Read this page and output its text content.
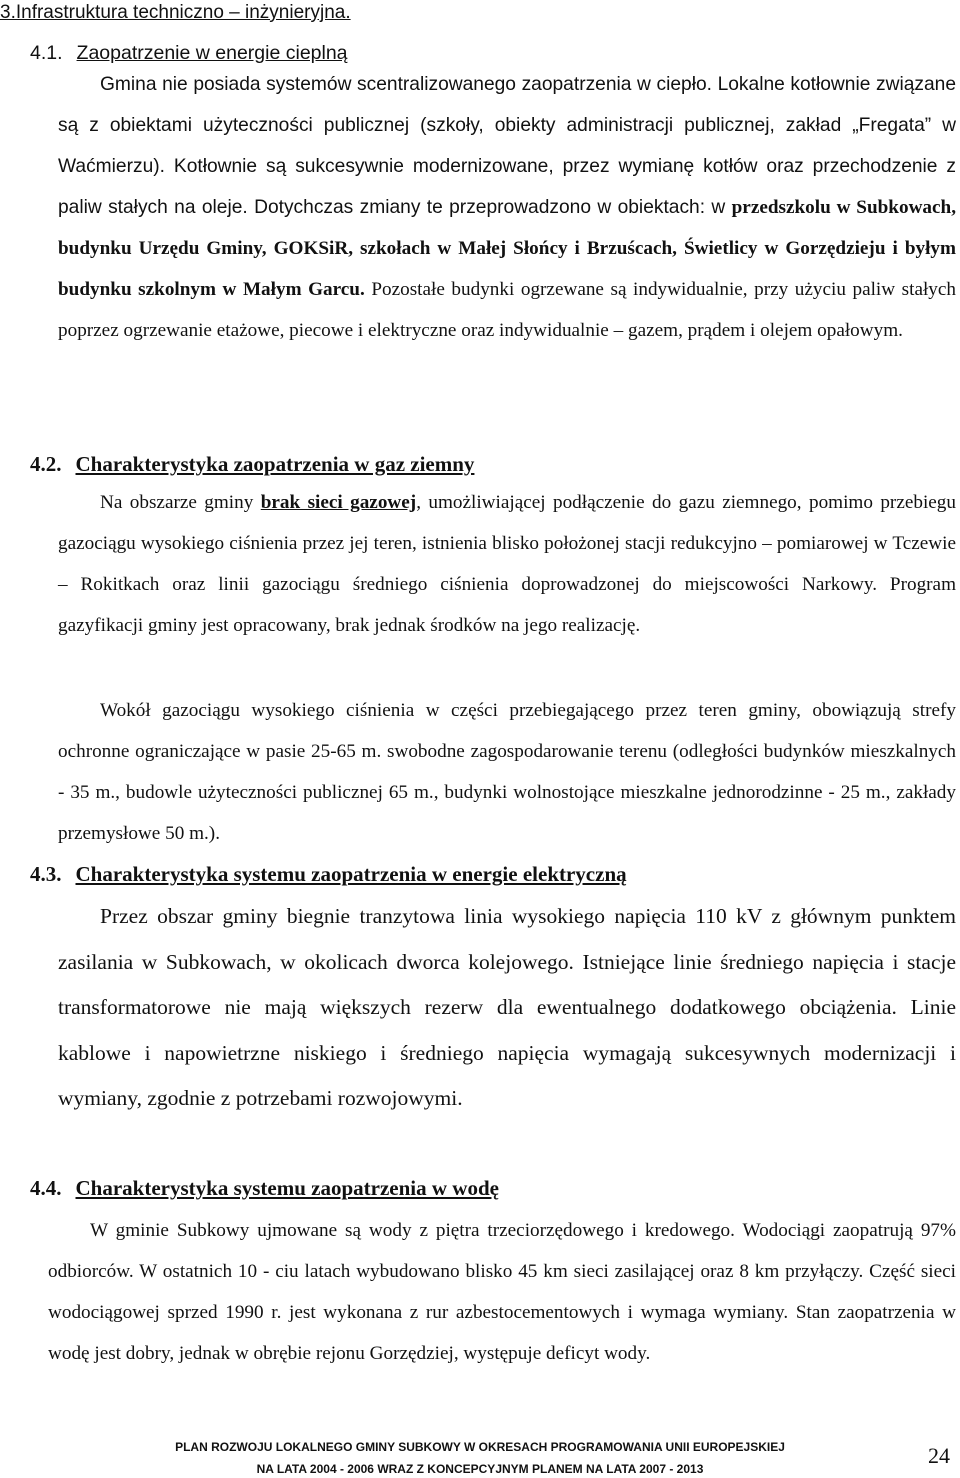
3.Infrastruktura techniczno – inżynieryjna.
4.1. Zaopatrzenie w energie cieplną

Gmina nie posiada systemów scentralizowanego zaopatrzenia w ciepło. Lokalne kotłownie związane są z obiektami użyteczności publicznej (szkoły, obiekty administracji publicznej, zakład „Fregata” w Waćmierzu). Kotłownie są sukcesywnie modernizowane, przez wymianę kotłów oraz przechodzenie z paliw stałych na oleje. Dotychczas zmiany te przeprowadzono w obiektach: w przedszkolu w Subkowach, budynku Urzędu Gminy, GOKSiR, szkołach w Małej Słońcy i Brzuścach, Świetlicy w Gorzędzieju i byłym budynku szkolnym w Małym Garcu. Pozostałe budynki ogrzewane są indywidualnie, przy użyciu paliw stałych poprzez ogrzewanie etażowe, piecowe i elektryczne oraz indywidualnie – gazem, prądem i olejem opałowym.

4.2. Charakterystyka zaopatrzenia w gaz ziemny

Na obszarze gminy brak sieci gazowej, umożliwiającej podłączenie do gazu ziemnego, pomimo przebiegu gazociągu wysokiego ciśnienia przez jej teren, istnienia blisko położonej stacji redukcyjno – pomiarowej w Tczewie – Rokitkach oraz linii gazociągu średniego ciśnienia doprowadzonej do miejscowości Narkowy. Program gazyfikacji gminy jest opracowany, brak jednak środków na jego realizację.

Wokół gazociągu wysokiego ciśnienia w części przebiegającego przez teren gminy, obowiązują strefy ochronne ograniczające w pasie 25-65 m. swobodne zagospodarowanie terenu (odległości budynków mieszkalnych - 35 m., budowle użyteczności publicznej 65 m., budynki wolnostojące mieszkalne jednorodzinne - 25 m., zakłady przemysłowe 50 m.).

4.3. Charakterystyka systemu zaopatrzenia w energie elektryczną

Przez obszar gminy biegnie tranzytowa linia wysokiego napięcia 110 kV z głównym punktem zasilania w Subkowach, w okolicach dworca kolejowego. Istniejące linie średniego napięcia i stacje transformatorowe nie mają większych rezerw dla ewentualnego dodatkowego obciążenia. Linie kablowe i napowietrzne niskiego i średniego napięcia wymagają sukcesywnych modernizacji i wymiany, zgodnie z potrzebami rozwojowymi.

4.4. Charakterystyka systemu zaopatrzenia w wodę

W gminie Subkowy ujmowane są wody z piętra trzeciorzędowego i kredowego. Wodociągi zaopatrują 97% odbiorców. W ostatnich 10 - ciu latach wybudowano blisko 45 km sieci zasilającej oraz 8 km przyłączy. Część sieci wodociągowej sprzed 1990 r. jest wykonana z rur azbestocementowych i wymaga wymiany. Stan zaopatrzenia w wodę jest dobry, jednak w obrębie rejonu Gorzędziej, występuje deficyt wody.

PLAN ROZWOJU LOKALNEGO GMINY SUBKOWY W OKRESACH PROGRAMOWANIA UNII EUROPEJSKIEJ
NA LATA 2004 - 2006 WRAZ Z KONCEPCYJNYM PLANEM NA LATA 2007 - 2013
24
